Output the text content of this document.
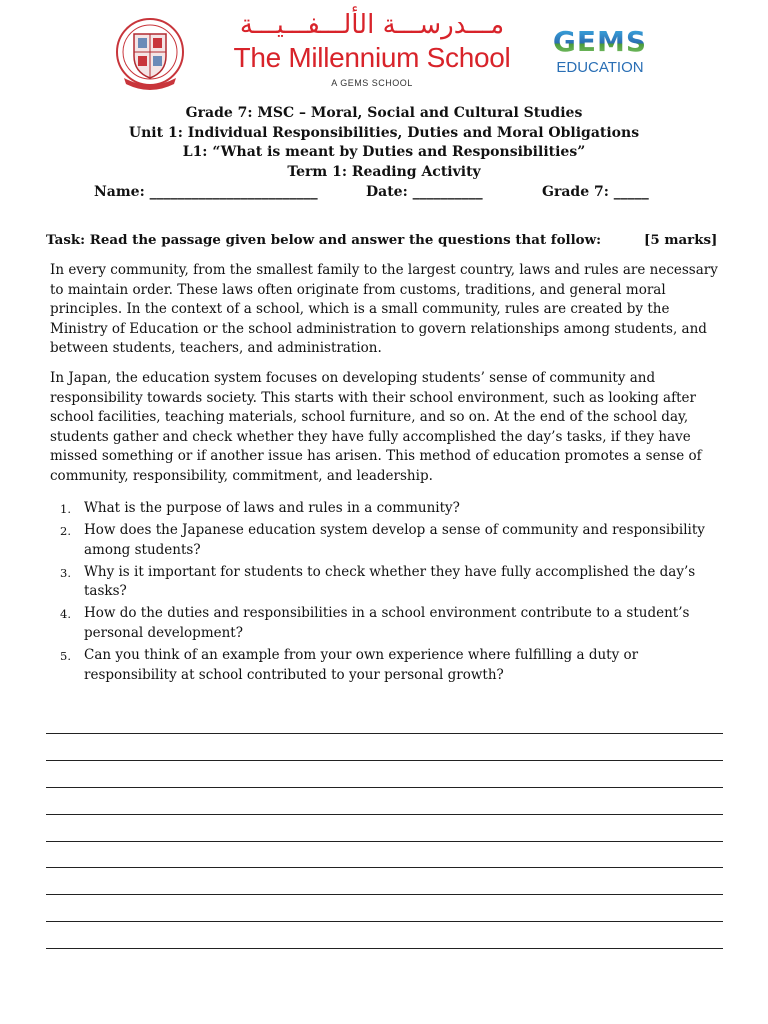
مـــدرســـة الألـــفـــيـــة
The Millennium School
A GEMS SCHOOL
GEMS
EDUCATION
Grade 7: MSC – Moral, Social and Cultural Studies
Unit 1: Individual Responsibilities, Duties and Moral Obligations
L1: “What is meant by Duties and Responsibilities”
Term 1: Reading Activity
Name: ________________________	Date: __________	Grade 7: _____
Task: Read the passage given below and answer the questions that follow:	[5 marks]

In every community, from the smallest family to the largest country, laws and rules are necessary to maintain order. These laws often originate from customs, traditions, and general moral principles. In the context of a school, which is a small community, rules are created by the Ministry of Education or the school administration to govern relationships among students, and between students, teachers, and administration.

In Japan, the education system focuses on developing students’ sense of community and responsibility towards society. This starts with their school environment, such as looking after school facilities, teaching materials, school furniture, and so on. At the end of the school day, students gather and check whether they have fully accomplished the day’s tasks, if they have missed something or if another issue has arisen. This method of education promotes a sense of community, responsibility, commitment, and leadership.

1. What is the purpose of laws and rules in a community?
2. How does the Japanese education system develop a sense of community and responsibility among students?
3. Why is it important for students to check whether they have fully accomplished the day’s tasks?
4. How do the duties and responsibilities in a school environment contribute to a student’s personal development?
5. Can you think of an example from your own experience where fulfilling a duty or responsibility at school contributed to your personal growth?
